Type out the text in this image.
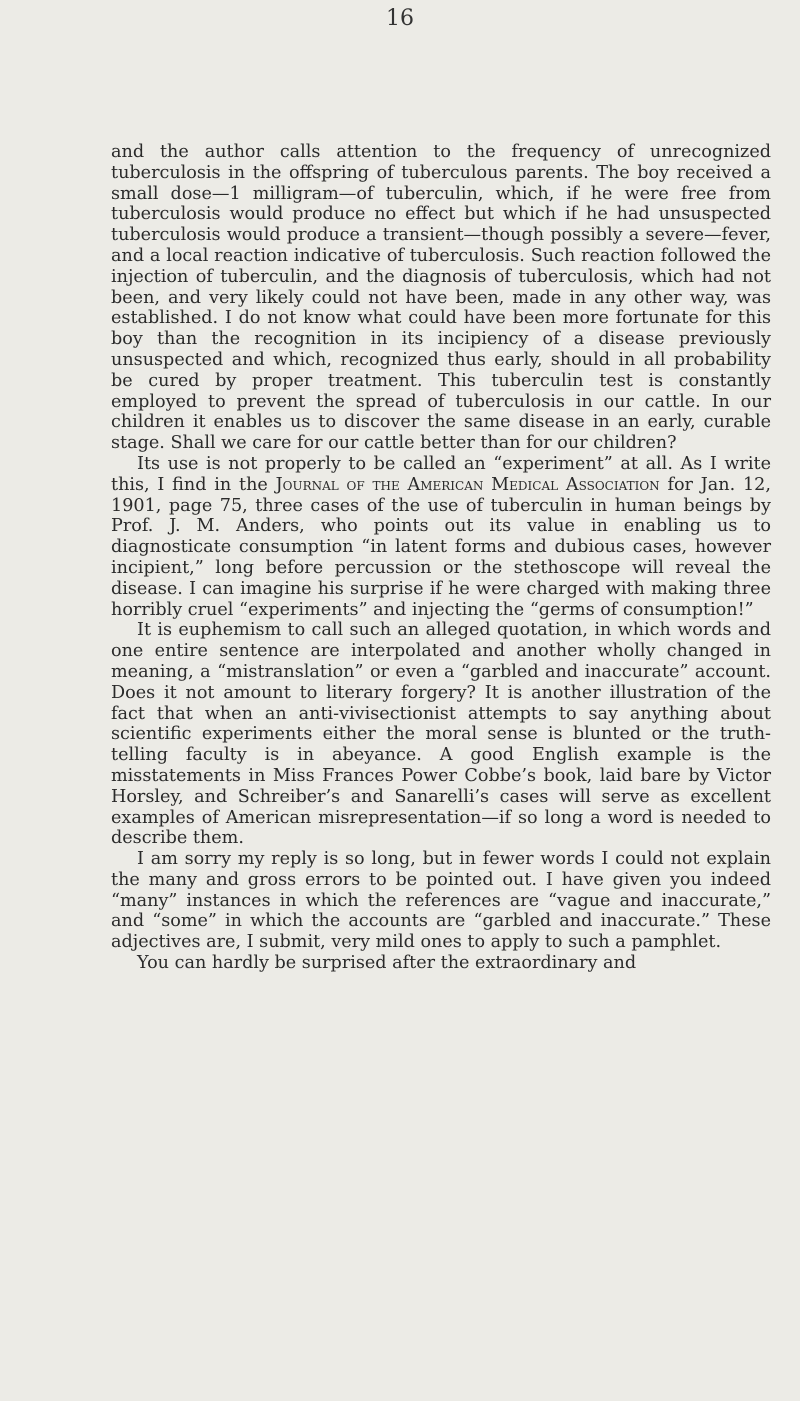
16

and the author calls attention to the frequency of unrecognized tuberculosis in the offspring of tuberculous parents. The boy received a small dose—1 milligram—of tuberculin, which, if he were free from tuberculosis would produce no effect but which if he had unsuspected tuberculosis would produce a transient—though possibly a severe—fever, and a local reaction indicative of tuberculosis. Such reaction followed the injection of tuberculin, and the diagnosis of tuberculosis, which had not been, and very likely could not have been, made in any other way, was established. I do not know what could have been more fortunate for this boy than the recognition in its incipiency of a disease previously unsuspected and which, recognized thus early, should in all probability be cured by proper treatment. This tuberculin test is constantly employed to prevent the spread of tuberculosis in our cattle. In our children it enables us to discover the same disease in an early, curable stage. Shall we care for our cattle better than for our children?

Its use is not properly to be called an “experiment” at all. As I write this, I find in the Journal of the American Medical Association for Jan. 12, 1901, page 75, three cases of the use of tuberculin in human beings by Prof. J. M. Anders, who points out its value in enabling us to diagnosticate consumption “in latent forms and dubious cases, however incipient,” long before percussion or the stethoscope will reveal the disease. I can imagine his surprise if he were charged with making three horribly cruel “experiments” and injecting the “germs of consumption!”

It is euphemism to call such an alleged quotation, in which words and one entire sentence are interpolated and another wholly changed in meaning, a “mistranslation” or even a “garbled and inaccurate” account. Does it not amount to literary forgery? It is another illustration of the fact that when an anti-vivisectionist attempts to say anything about scientific experiments either the moral sense is blunted or the truth-telling faculty is in abeyance. A good English example is the misstatements in Miss Frances Power Cobbe’s book, laid bare by Victor Horsley, and Schreiber’s and Sanarelli’s cases will serve as excellent examples of American misrepresentation—if so long a word is needed to describe them.

I am sorry my reply is so long, but in fewer words I could not explain the many and gross errors to be pointed out. I have given you indeed “many” instances in which the references are “vague and inaccurate,” and “some” in which the accounts are “garbled and inaccurate.” These adjectives are, I submit, very mild ones to apply to such a pamphlet.

You can hardly be surprised after the extraordinary and
